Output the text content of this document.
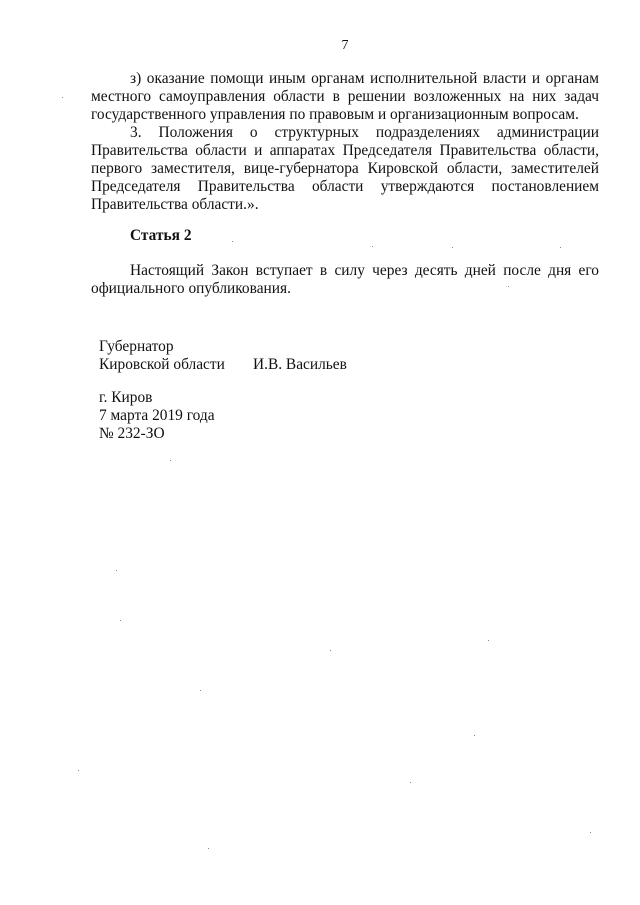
7

з) оказание помощи иным органам исполнительной власти и органам местного самоуправления области в решении возложенных на них задач государственного управления по правовым и организационным вопросам.

3. Положения о структурных подразделениях администрации Правительства области и аппаратах Председателя Правительства области, первого заместителя, вице-губернатора Кировской области, заместителей Председателя Правительства области утверждаются постановлением Правительства области.».

Статья 2

Настоящий Закон вступает в силу через десять дней после дня его официального опубликования.

Губернатор
Кировской области И.В. Васильев
г. Киров
7 марта 2019 года
№ 232-ЗО
